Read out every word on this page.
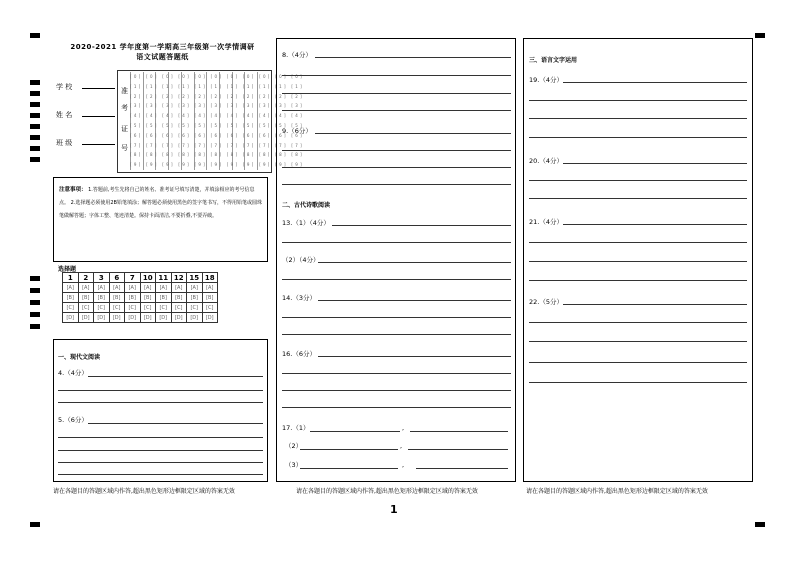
2020-2021 学年度第一学期高三年级第一次学情调研
语文试题答题纸
学 校
姓 名
班 级
准
考
证
号
[0] [0] [0] [0] [0] [0] [0] [0] [0] [0] [0]
[1] [1] [1] [1] [1] [1] [1] [1] [1] [1] [1]
[2] [2] [2] [2] [2] [2] [2] [2] [2] [2] [2]
[3] [3] [3] [3] [3] [3] [3] [3] [3] [3] [3]
[4] [4] [4] [4] [4] [4] [4] [4] [4] [4] [4]
[5] [5] [5] [5] [5] [5] [5] [5] [5] [5] [5]
[6] [6] [6] [6] [6] [6] [6] [6] [6] [6] [6]
[7] [7] [7] [7] [7] [7] [7] [7] [7] [7] [7]
[8] [8] [8] [8] [8] [8] [8] [8] [8] [8] [8]
[9] [9] [9] [9] [9] [9] [9] [9] [9] [9] [9]
注意事项： 1.答题前,考生先将自己的姓名、准考证号填写清楚，并填涂相应的考号信息点。 2.选择题必须使用2B铅笔填涂；解答题必须使用黑色的签字笔书写，不得用铅笔或圆珠笔做解答题；字体工整、笔迹清楚。保持卡面清洁,不要折叠,不要弄破。
选择题
1	2	3	6	7	10	11	12	15	18
[A]	[A]	[A]	[A]	[A]	[A]	[A]	[A]	[A]	[A]
[B]	[B]	[B]	[B]	[B]	[B]	[B]	[B]	[B]	[B]
[C]	[C]	[C]	[C]	[C]	[C]	[C]	[C]	[C]	[C]
[D]	[D]	[D]	[D]	[D]	[D]	[D]	[D]	[D]	[D]
一、现代文阅读
4.（4分）
5.（6分）
8.（4分）
9.（6分）
二、古代诗歌阅读
13.（1）（4分）
（2）（4分）
14.（3分）
16.（6分）
17.（1）	,
（2）	,
（3）	,
三、语言文字运用
19.（4分）
20.（4分）
21.（4分）
22.（5分）
请在各题目的答题区域内作答,超出黑色矩形边框限定区域的答案无效	请在各题目的答题区域内作答,超出黑色矩形边框限定区域的答案无效	请在各题目的答题区域内作答,超出黑色矩形边框限定区域的答案无效
1
